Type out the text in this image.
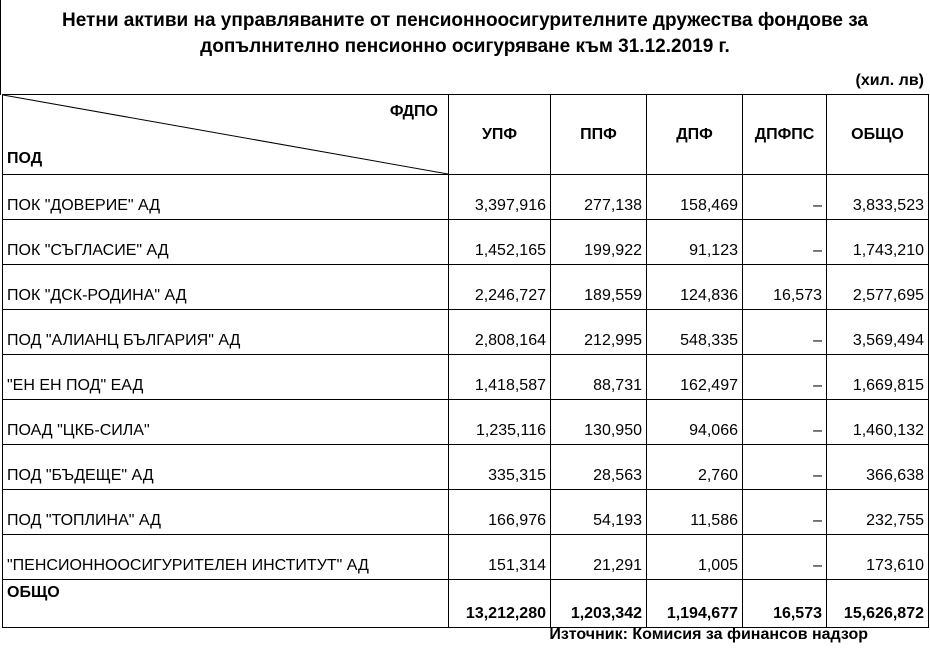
Нетни активи на управляваните от пенсионноосигурителните дружества фондове за
допълнително пенсионно осигуряване към 31.12.2019 г.
(хил. лв)
ФДПО
ПОД	УПФ	ППФ	ДПФ	ДПФПС	ОБЩО
ПОК "ДОВЕРИЕ" АД	3,397,916	277,138	158,469	–	3,833,523
ПОК "СЪГЛАСИЕ" АД	1,452,165	199,922	91,123	–	1,743,210
ПОК "ДСК-РОДИНА" АД	2,246,727	189,559	124,836	16,573	2,577,695
ПОД "АЛИАНЦ БЪЛГАРИЯ" АД	2,808,164	212,995	548,335	–	3,569,494
"ЕН ЕН ПОД" ЕАД	1,418,587	88,731	162,497	–	1,669,815
ПОАД "ЦКБ-СИЛА"	1,235,116	130,950	94,066	–	1,460,132
ПОД "БЪДЕЩЕ" АД	335,315	28,563	2,760	–	366,638
ПОД "ТОПЛИНА" АД	166,976	54,193	11,586	–	232,755
"ПЕНСИОННООСИГУРИТЕЛЕН ИНСТИТУТ" АД	151,314	21,291	1,005	–	173,610
ОБЩО	13,212,280	1,203,342	1,194,677	16,573	15,626,872
Източник: Комисия за финансов надзор
